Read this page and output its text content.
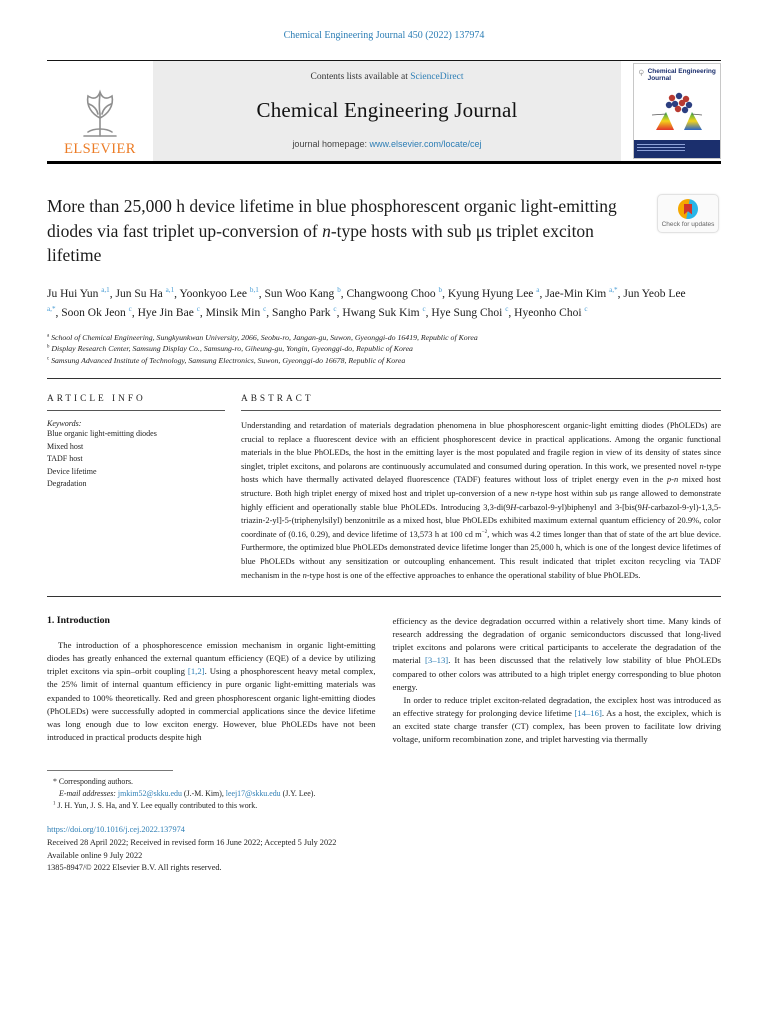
Chemical Engineering Journal 450 (2022) 137974
ELSEVIER
Contents lists available at ScienceDirect
Chemical Engineering Journal
journal homepage: www.elsevier.com/locate/cej
Chemical Engineering Journal
More than 25,000 h device lifetime in blue phosphorescent organic light-emitting diodes via fast triplet up-conversion of n-type hosts with sub μs triplet exciton lifetime
Check for updates
Ju Hui Yun $^{a,1}$, Jun Su Ha $^{a,1}$, Yoonkyoo Lee $^{b,1}$, Sun Woo Kang $^b$, Changwoong Choo $^b$, Kyung Hyung Lee $^a$, Jae-Min Kim $^{a,*}$, Jun Yeob Lee $^{a,*}$, Soon Ok Jeon $^c$, Hye Jin Bae $^c$, Minsik Min $^c$, Sangho Park $^c$, Hwang Suk Kim $^c$, Hye Sung Choi $^c$, Hyeonho Choi $^c$
$^a$ School of Chemical Engineering, Sungkyunkwan University, 2066, Seobu-ro, Jangan-gu, Suwon, Gyeonggi-do 16419, Republic of Korea
$^b$ Display Research Center, Samsung Display Co., Samsung-ro, Giheung-gu, Yongin, Gyeonggi-do, Republic of Korea
$^c$ Samsung Advanced Institute of Technology, Samsung Electronics, Suwon, Gyeonggi-do 16678, Republic of Korea
ARTICLE INFO
Keywords:
Blue organic light-emitting diodes
Mixed host
TADF host
Device lifetime
Degradation
ABSTRACT
Understanding and retardation of materials degradation phenomena in blue phosphorescent organic-light emitting diodes (PhOLEDs) are crucial to replace a fluorescent device with an efficient phosphorescent device in practical applications. Among the organic functional materials in the blue PhOLEDs, the host in the emitting layer is the most populated and fragile region in view of its density of states since singlet, triplet excitons, and polarons are continuously accumulated and consumed during operation. In this work, we presented novel n-type hosts which have thermally activated delayed fluorescence (TADF) features without loss of triplet energy even in the p-n mixed host structure. Both high triplet energy of mixed host and triplet up-conversion of a new n-type host within sub μs range allowed to demonstrate highly efficient and operationally stable blue PhOLEDs. Introducing 3,3-di(9H-carbazol-9-yl)biphenyl and 3-[bis(9H-carbazol-9-yl)-1,3,5-triazin-2-yl]-5-(triphenylsilyl) benzonitrile as a mixed host, blue PhOLEDs exhibited maximum external quantum efficiency of 20.9%, color coordinate of (0.16, 0.29), and device lifetime of 13,573 h at 100 cd $m^{-2}$, which was 4.2 times longer than that of state of the art blue device. Furthermore, the optimized blue PhOLEDs demonstrated device lifetime longer than 25,000 h, which is one of the longest device lifetimes of blue PhOLEDs without any sensitization or outcoupling enhancement. This result indicated that triplet exciton recycling via TADF mechanism in the n-type host is one of the effective approaches to enhance the operational stability of blue PhOLEDs.
1. Introduction

The introduction of a phosphorescence emission mechanism in organic light-emitting diodes has greatly enhanced the external quantum efficiency (EQE) of a device by utilizing triplet excitons via spin–orbit coupling [1,2]. Using a phosphorescent heavy metal complex, the 25% limit of internal quantum efficiency in pure organic light-emitting materials was expanded to 100% theoretically. Red and green phosphorescent organic light-emitting diodes (PhOLEDs) were successfully adopted in commercial applications since the device lifetime was long enough due to low exciton energy. However, blue PhOLEDs have not been introduced in practical products despite high

efficiency as the device degradation occurred within a relatively short time. Many kinds of research addressing the degradation of organic semiconductors discussed that long-lived triplet excitons and polarons were critical participants to accelerate the degradation of the material [3–13]. It has been discussed that the relatively low stability of blue PhOLEDs compared to other colors was attributed to a high triplet energy corresponding to blue photon energy.

In order to reduce triplet exciton-related degradation, the exciplex host was introduced as an effective strategy for prolonging device lifetime [14–16]. As a host, the exciplex, which is an excited state charge transfer (CT) complex, has been proven to facilitate low driving voltage, uniform recombination zone, and triplet harvesting via thermally

* Corresponding authors.
E-mail addresses: jmkim52@skku.edu (J.-M. Kim), leej17@skku.edu (J.Y. Lee).
$^1$ J. H. Yun, J. S. Ha, and Y. Lee equally contributed to this work.
https://doi.org/10.1016/j.cej.2022.137974
Received 28 April 2022; Received in revised form 16 June 2022; Accepted 5 July 2022
Available online 9 July 2022
1385-8947/© 2022 Elsevier B.V. All rights reserved.
